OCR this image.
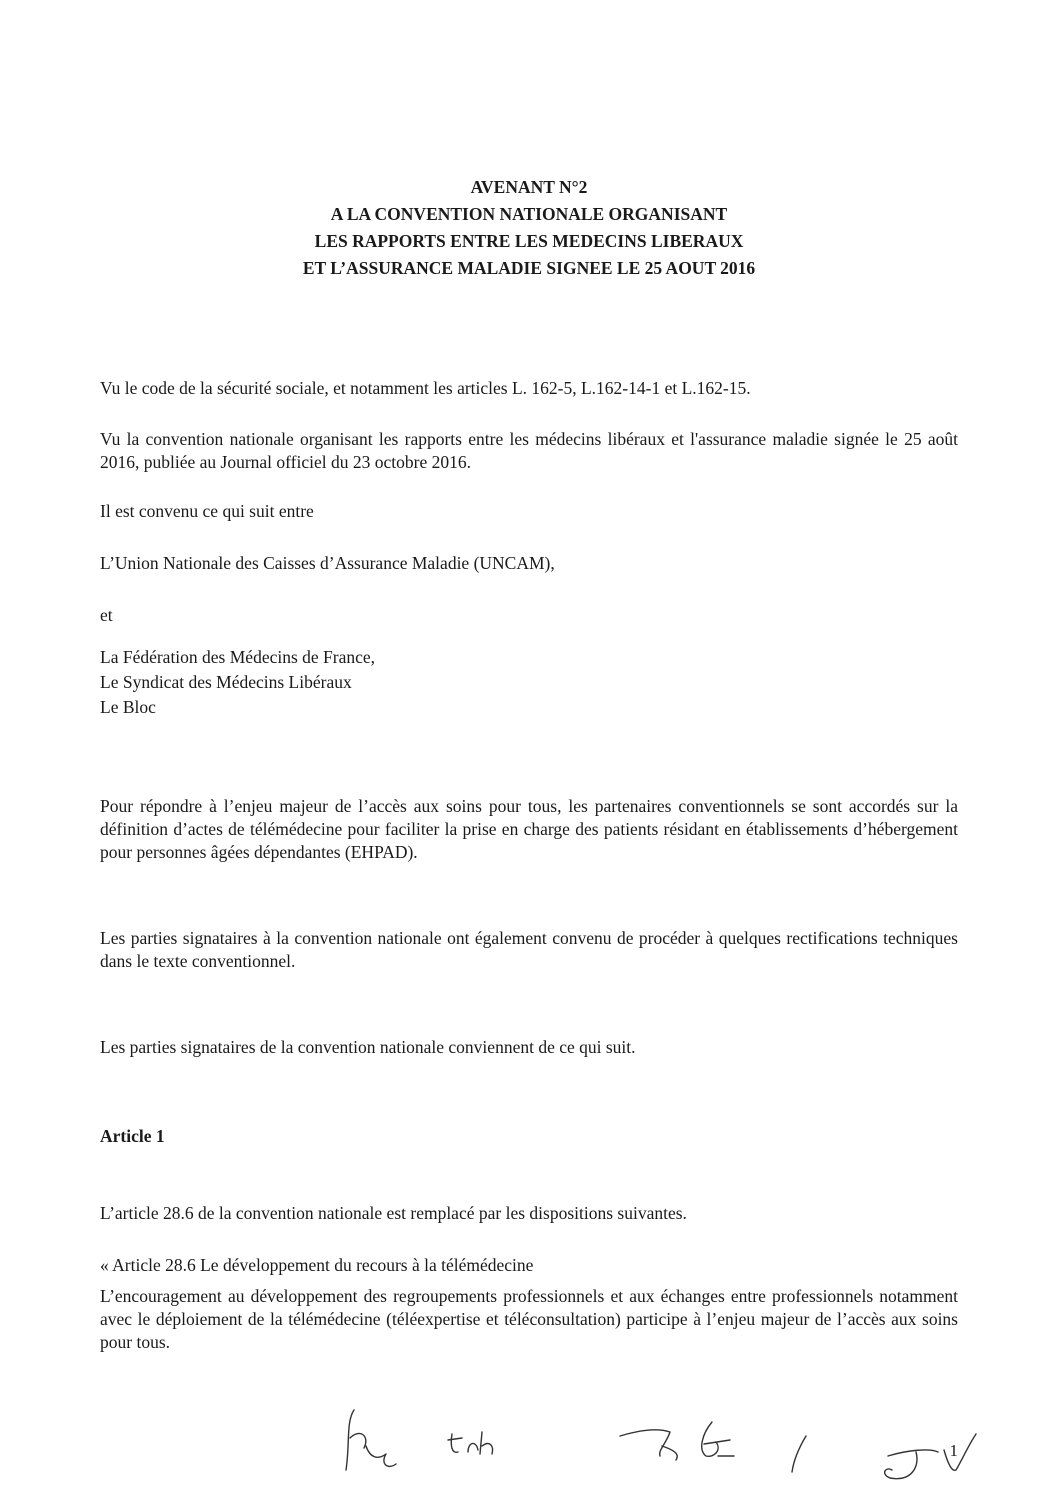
AVENANT N°2
A LA CONVENTION NATIONALE ORGANISANT
LES RAPPORTS ENTRE LES MEDECINS LIBERAUX
ET L’ASSURANCE MALADIE SIGNEE LE 25 AOUT 2016
Vu le code de la sécurité sociale, et notamment les articles L. 162-5, L.162-14-1 et L.162-15.
Vu la convention nationale organisant les rapports entre les médecins libéraux et l'assurance maladie signée le 25 août 2016, publiée au Journal officiel du 23 octobre 2016.
Il est convenu ce qui suit entre
L’Union Nationale des Caisses d’Assurance Maladie (UNCAM),
et
La Fédération des Médecins de France,
Le Syndicat des Médecins Libéraux
Le Bloc
Pour répondre à l’enjeu majeur de l’accès aux soins pour tous, les partenaires conventionnels se sont accordés sur la définition d’actes de télémédecine pour faciliter la prise en charge des patients résidant en établissements d’hébergement pour personnes âgées dépendantes (EHPAD).
Les parties signataires à la convention nationale ont également convenu de procéder à quelques rectifications techniques dans le texte conventionnel.
Les parties signataires de la convention nationale conviennent de ce qui suit.
Article 1
L’article 28.6 de la convention nationale est remplacé par les dispositions suivantes.
« Article 28.6 Le développement du recours à la télémédecine
L’encouragement au développement des regroupements professionnels et aux échanges entre professionnels notamment avec le déploiement de la télémédecine (téléexpertise et téléconsultation) participe à l’enjeu majeur de l’accès aux soins pour tous.
1
